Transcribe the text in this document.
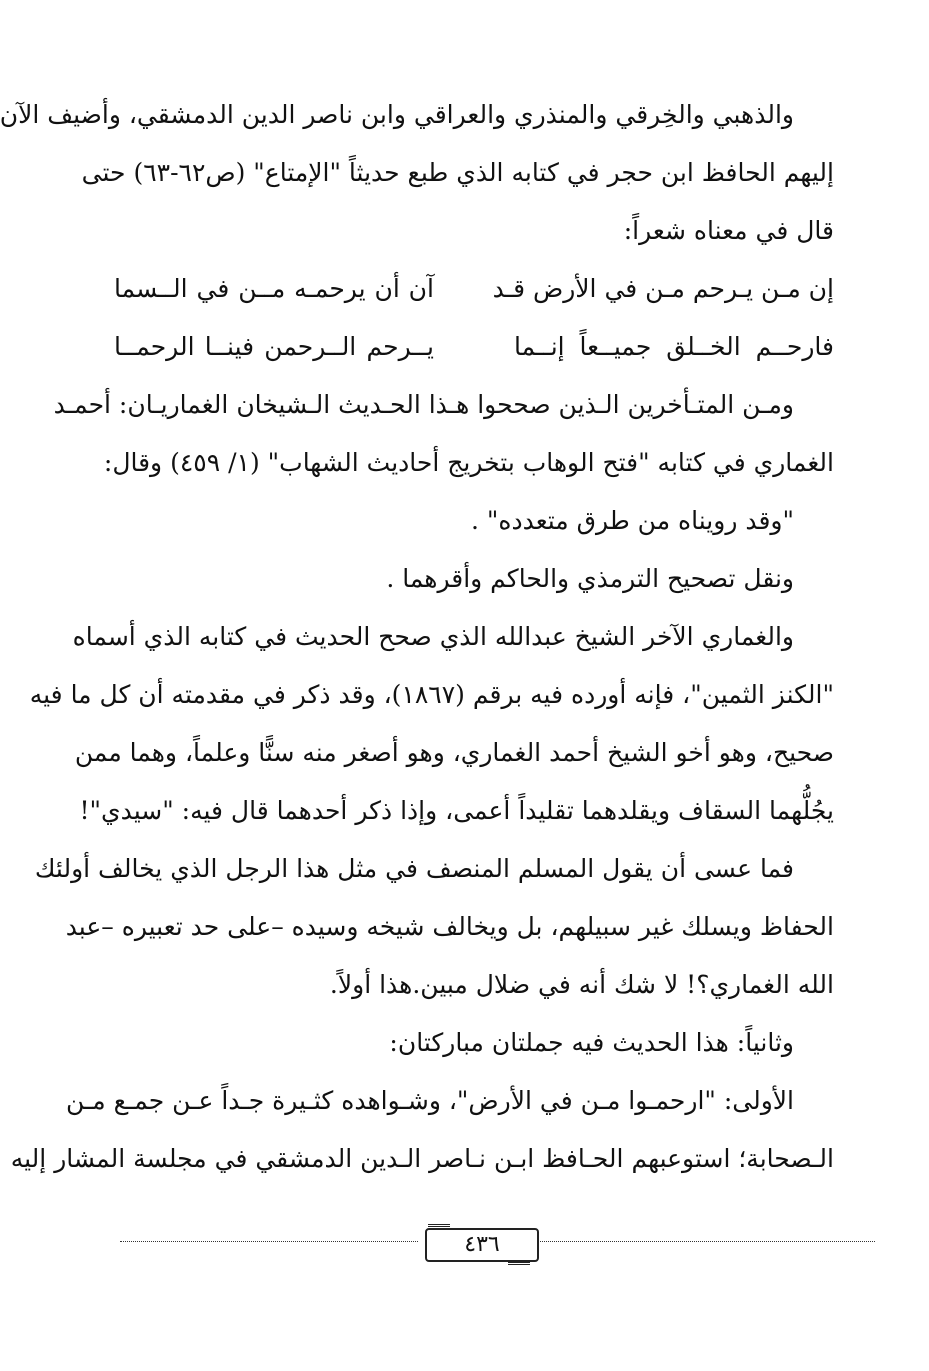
والذهبي والخِرقي والمنذري والعراقي وابن ناصر الدين الدمشقي، وأضيف الآن
إليهم الحافظ ابن حجر في كتابه الذي طبع حديثاً "الإمتاع" (ص٦٢-٦٣) حتى
قال في معناه شعراً:
إن مـن يـرحم مـن في الأرض قـد
آن أن يرحمـه مــن في الــسما
فارحــم الخــلق جميــعاً إنــما
يــرحم الــرحمن فينــا الرحمــا
ومـن المتـأخرين الـذين صححوا هـذا الحـديث الـشيخان الغماريـان: أحمـد
الغماري في كتابه "فتح الوهاب بتخريج أحاديث الشهاب" (١/ ٤٥٩) وقال:
"وقد رويناه من طرق متعدده" .
ونقل تصحيح الترمذي والحاكم وأقرهما .
والغماري الآخر الشيخ عبدالله الذي صحح الحديث في كتابه الذي أسماه
"الكنز الثمين"، فإنه أورده فيه برقم (١٨٦٧)، وقد ذكر في مقدمته أن كل ما فيه
صحيح، وهو أخو الشيخ أحمد الغماري، وهو أصغر منه سنًّا وعلماً، وهما ممن
يجُلُّهما السقاف ويقلدهما تقليداً أعمى، وإذا ذكر أحدهما قال فيه: "سيدي"!
فما عسى أن يقول المسلم المنصف في مثل هذا الرجل الذي يخالف أولئك
الحفاظ ويسلك غير سبيلهم، بل ويخالف شيخه وسيده –على حد تعبيره –عبد
الله الغماري؟! لا شك أنه في ضلال مبين.هذا أولاً.
وثانياً: هذا الحديث فيه جملتان مباركتان:
الأولى: "ارحمـوا مـن في الأرض"، وشـواهده كثـيرة جـداً عـن جمـع مـن
الـصحابة؛ استوعبهم الحـافظ ابـن نـاصر الـدين الدمشقي في مجلسة المشار إليه
٤٣٦
